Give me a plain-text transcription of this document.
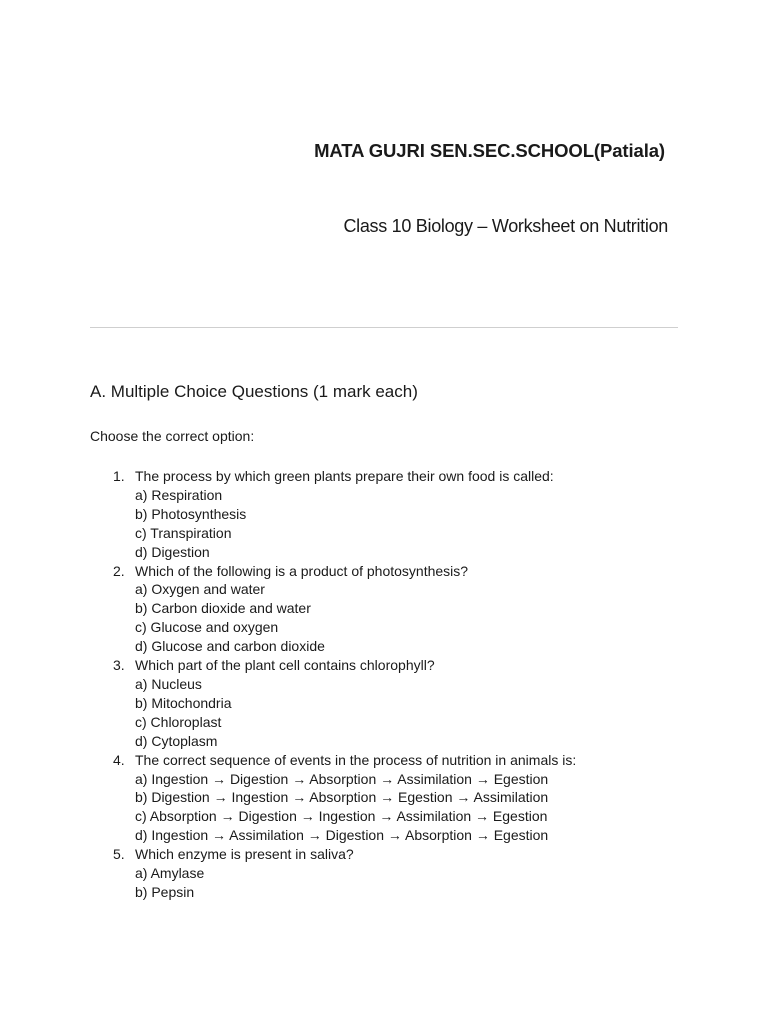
MATA GUJRI SEN.SEC.SCHOOL(Patiala)
Class 10 Biology – Worksheet on Nutrition
A. Multiple Choice Questions (1 mark each)
Choose the correct option:
1. The process by which green plants prepare their own food is called:
a) Respiration
b) Photosynthesis
c) Transpiration
d) Digestion
2. Which of the following is a product of photosynthesis?
a) Oxygen and water
b) Carbon dioxide and water
c) Glucose and oxygen
d) Glucose and carbon dioxide
3. Which part of the plant cell contains chlorophyll?
a) Nucleus
b) Mitochondria
c) Chloroplast
d) Cytoplasm
4. The correct sequence of events in the process of nutrition in animals is:
a) Ingestion → Digestion → Absorption → Assimilation → Egestion
b) Digestion → Ingestion → Absorption → Egestion → Assimilation
c) Absorption → Digestion → Ingestion → Assimilation → Egestion
d) Ingestion → Assimilation → Digestion → Absorption → Egestion
5. Which enzyme is present in saliva?
a) Amylase
b) Pepsin
